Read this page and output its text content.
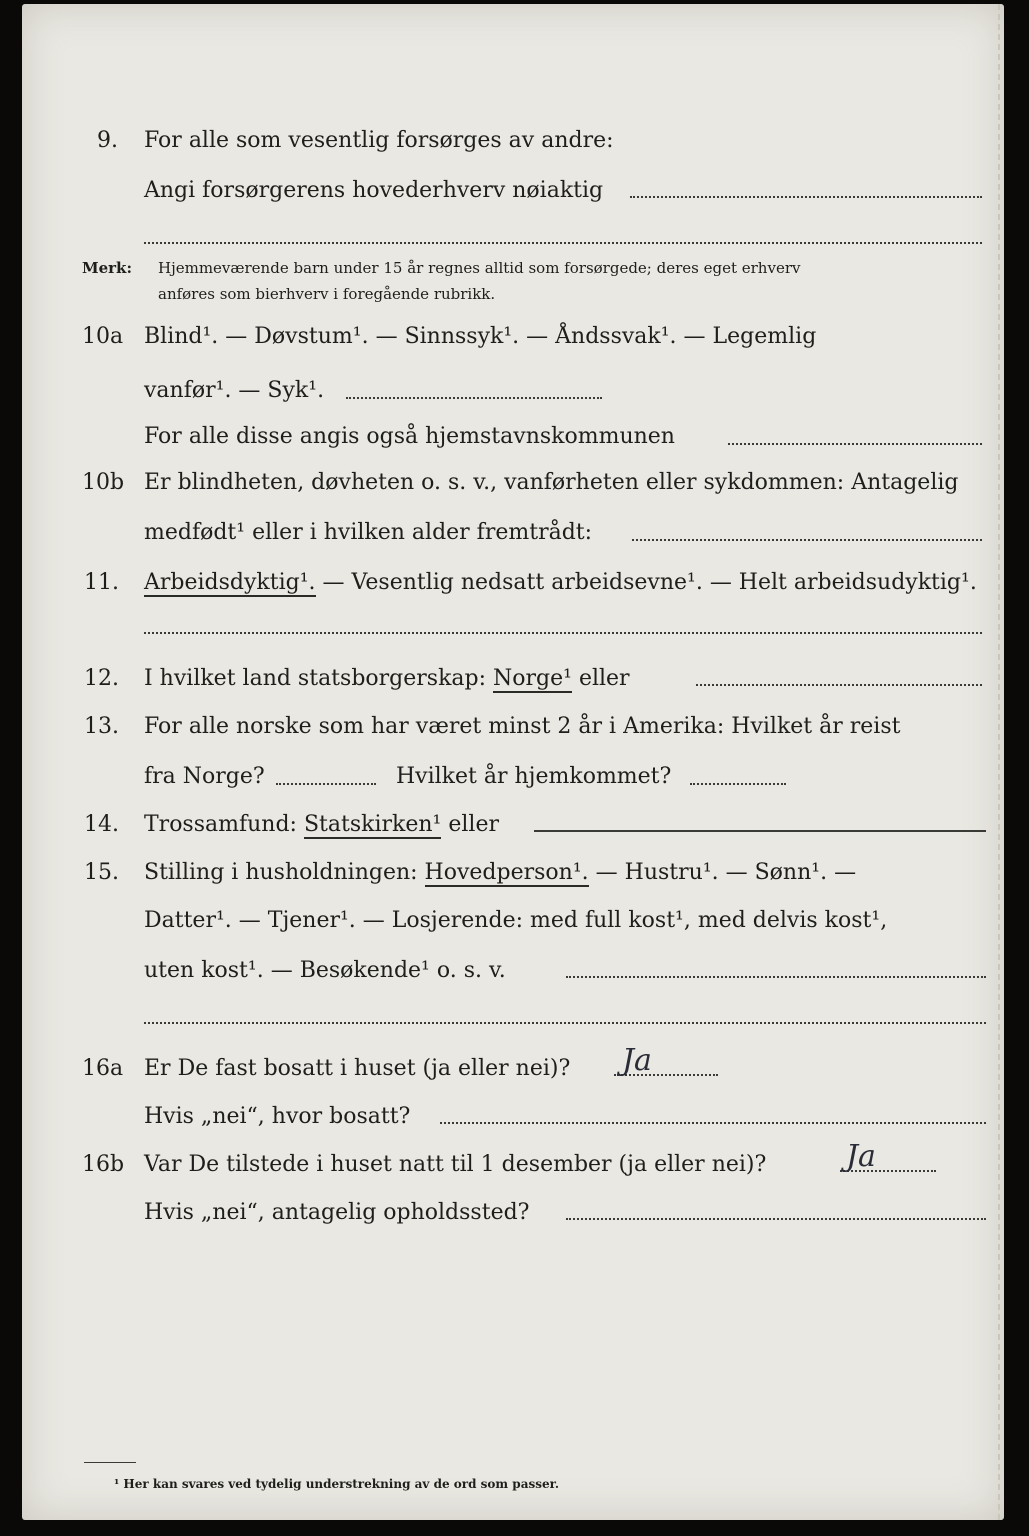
9. For alle som vesentlig forsørges av andre:
Angi forsørgerens hovederhverv nøiaktig
Merk: Hjemmeværende barn under 15 år regnes alltid som forsørgede; deres eget erhverv
anføres som bierhverv i foregående rubrikk.
10a Blind¹. — Døvstum¹. — Sinnssyk¹. — Åndssvak¹. — Legemlig
vanfør¹. — Syk¹.
For alle disse angis også hjemstavnskommunen
10b Er blindheten, døvheten o. s. v., vanførheten eller sykdommen: Antagelig
medfødt¹ eller i hvilken alder fremtrådt:
11. Arbeidsdyktig¹. — Vesentlig nedsatt arbeidsevne¹. — Helt arbeidsudyktig¹.
12. I hvilket land statsborgerskap: Norge¹ eller
13. For alle norske som har været minst 2 år i Amerika: Hvilket år reist
fra Norge?	Hvilket år hjemkommet?
14. Trossamfund: Statskirken¹ eller
15. Stilling i husholdningen: Hovedperson¹. — Hustru¹. — Sønn¹. —
Datter¹. — Tjener¹. — Losjerende: med full kost¹, med delvis kost¹,
uten kost¹. — Besøkende¹ o. s. v.
16a Er De fast bosatt i huset (ja eller nei)? Ja
Hvis „nei“, hvor bosatt?
16b Var De tilstede i huset natt til 1 desember (ja eller nei)?	Ja
Hvis „nei“, antagelig opholdssted?
¹ Her kan svares ved tydelig understrekning av de ord som passer.
